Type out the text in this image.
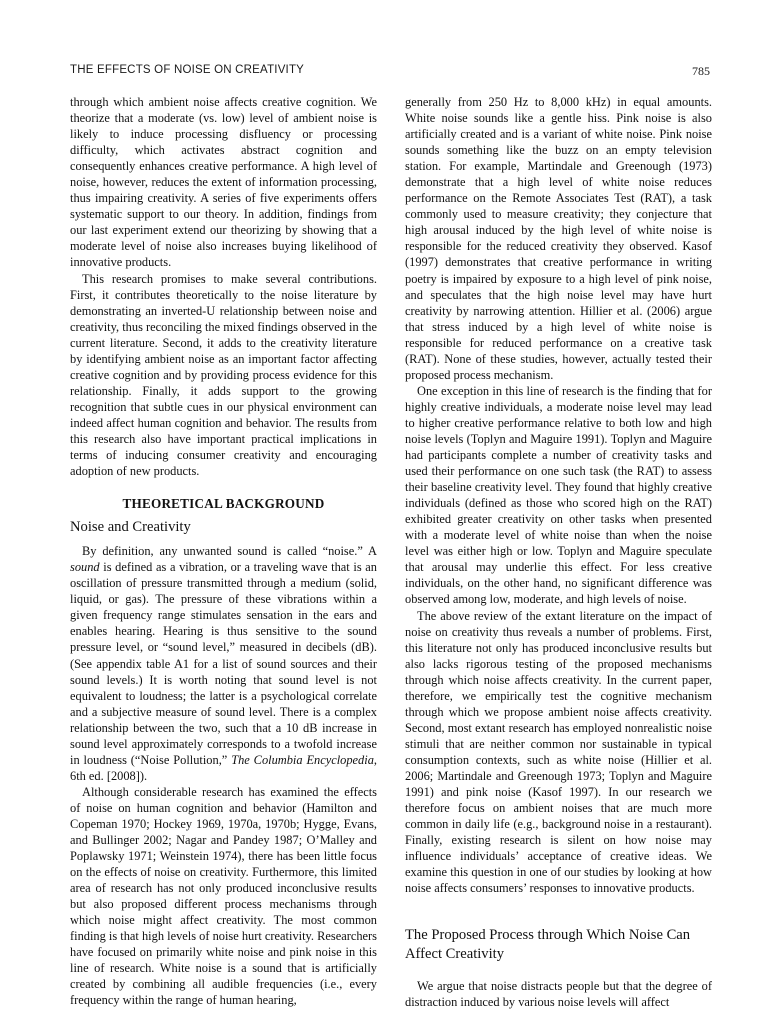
THE EFFECTS OF NOISE ON CREATIVITY	785

through which ambient noise affects creative cognition. We theorize that a moderate (vs. low) level of ambient noise is likely to induce processing disfluency or processing difficulty, which activates abstract cognition and consequently enhances creative performance. A high level of noise, however, reduces the extent of information processing, thus impairing creativity. A series of five experiments offers systematic support to our theory. In addition, findings from our last experiment extend our theorizing by showing that a moderate level of noise also increases buying likelihood of innovative products.

This research promises to make several contributions. First, it contributes theoretically to the noise literature by demonstrating an inverted-U relationship between noise and creativity, thus reconciling the mixed findings observed in the current literature. Second, it adds to the creativity literature by identifying ambient noise as an important factor affecting creative cognition and by providing process evidence for this relationship. Finally, it adds support to the growing recognition that subtle cues in our physical environment can indeed affect human cognition and behavior. The results from this research also have important practical implications in terms of inducing consumer creativity and encouraging adoption of new products.

THEORETICAL BACKGROUND
Noise and Creativity

By definition, any unwanted sound is called “noise.” A sound is defined as a vibration, or a traveling wave that is an oscillation of pressure transmitted through a medium (solid, liquid, or gas). The pressure of these vibrations within a given frequency range stimulates sensation in the ears and enables hearing. Hearing is thus sensitive to the sound pressure level, or “sound level,” measured in decibels (dB). (See appendix table A1 for a list of sound sources and their sound levels.) It is worth noting that sound level is not equivalent to loudness; the latter is a psychological correlate and a subjective measure of sound level. There is a complex relationship between the two, such that a 10 dB increase in sound level approximately corresponds to a twofold increase in loudness (“Noise Pollution,” The Columbia Encyclopedia, 6th ed. [2008]).

Although considerable research has examined the effects of noise on human cognition and behavior (Hamilton and Copeman 1970; Hockey 1969, 1970a, 1970b; Hygge, Evans, and Bullinger 2002; Nagar and Pandey 1987; O’Malley and Poplawsky 1971; Weinstein 1974), there has been little focus on the effects of noise on creativity. Furthermore, this limited area of research has not only produced inconclusive results but also proposed different process mechanisms through which noise might affect creativity. The most common finding is that high levels of noise hurt creativity. Researchers have focused on primarily white noise and pink noise in this line of research. White noise is a sound that is artificially created by combining all audible frequencies (i.e., every frequency within the range of human hearing,

generally from 250 Hz to 8,000 kHz) in equal amounts. White noise sounds like a gentle hiss. Pink noise is also artificially created and is a variant of white noise. Pink noise sounds something like the buzz on an empty television station. For example, Martindale and Greenough (1973) demonstrate that a high level of white noise reduces performance on the Remote Associates Test (RAT), a task commonly used to measure creativity; they conjecture that high arousal induced by the high level of white noise is responsible for the reduced creativity they observed. Kasof (1997) demonstrates that creative performance in writing poetry is impaired by exposure to a high level of pink noise, and speculates that the high noise level may have hurt creativity by narrowing attention. Hillier et al. (2006) argue that stress induced by a high level of white noise is responsible for reduced performance on a creative task (RAT). None of these studies, however, actually tested their proposed process mechanism.

One exception in this line of research is the finding that for highly creative individuals, a moderate noise level may lead to higher creative performance relative to both low and high noise levels (Toplyn and Maguire 1991). Toplyn and Maguire had participants complete a number of creativity tasks and used their performance on one such task (the RAT) to assess their baseline creativity level. They found that highly creative individuals (defined as those who scored high on the RAT) exhibited greater creativity on other tasks when presented with a moderate level of white noise than when the noise level was either high or low. Toplyn and Maguire speculate that arousal may underlie this effect. For less creative individuals, on the other hand, no significant difference was observed among low, moderate, and high levels of noise.

The above review of the extant literature on the impact of noise on creativity thus reveals a number of problems. First, this literature not only has produced inconclusive results but also lacks rigorous testing of the proposed mechanisms through which noise affects creativity. In the current paper, therefore, we empirically test the cognitive mechanism through which we propose ambient noise affects creativity. Second, most extant research has employed nonrealistic noise stimuli that are neither common nor sustainable in typical consumption contexts, such as white noise (Hillier et al. 2006; Martindale and Greenough 1973; Toplyn and Maguire 1991) and pink noise (Kasof 1997). In our research we therefore focus on ambient noises that are much more common in daily life (e.g., background noise in a restaurant). Finally, existing research is silent on how noise may influence individuals’ acceptance of creative ideas. We examine this question in one of our studies by looking at how noise affects consumers’ responses to innovative products.

The Proposed Process through Which Noise Can Affect Creativity

We argue that noise distracts people but that the degree of distraction induced by various noise levels will affect
